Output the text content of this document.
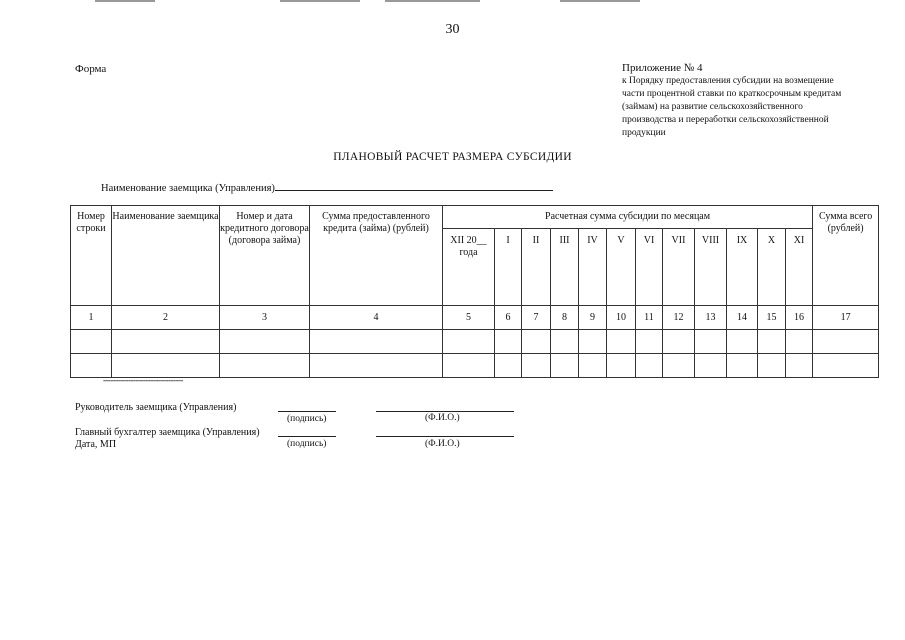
30
Форма	Приложение № 4
к Порядку предоставления субсидии на возмещение
части процентной ставки по краткосрочным кредитам
(займам) на развитие сельскохозяйственного
производства и переработки сельскохозяйственной
продукции
ПЛАНОВЫЙ РАСЧЕТ РАЗМЕРА СУБСИДИИ
Наименование заемщика (Управления)
Номер строки	Наименование заемщика	Номер и дата кредитного договора (договора займа)	Сумма предоставленного кредита (займа) (рублей)	Расчетная сумма субсидии по месяцам												Сумма всего (рублей)
				XII 20__ года	I	II	III	IV	V	VI	VII	VIII	IX	X	XI	
1	2	3	4	5	6	7	8	9	10	11	12	13	14	15	16	17

--------------------------------
Руководитель заемщика (Управления)
(подпись)	(Ф.И.О.)
Главный бухгалтер заемщика (Управления)
Дата, МП	(подпись)	(Ф.И.О.)
